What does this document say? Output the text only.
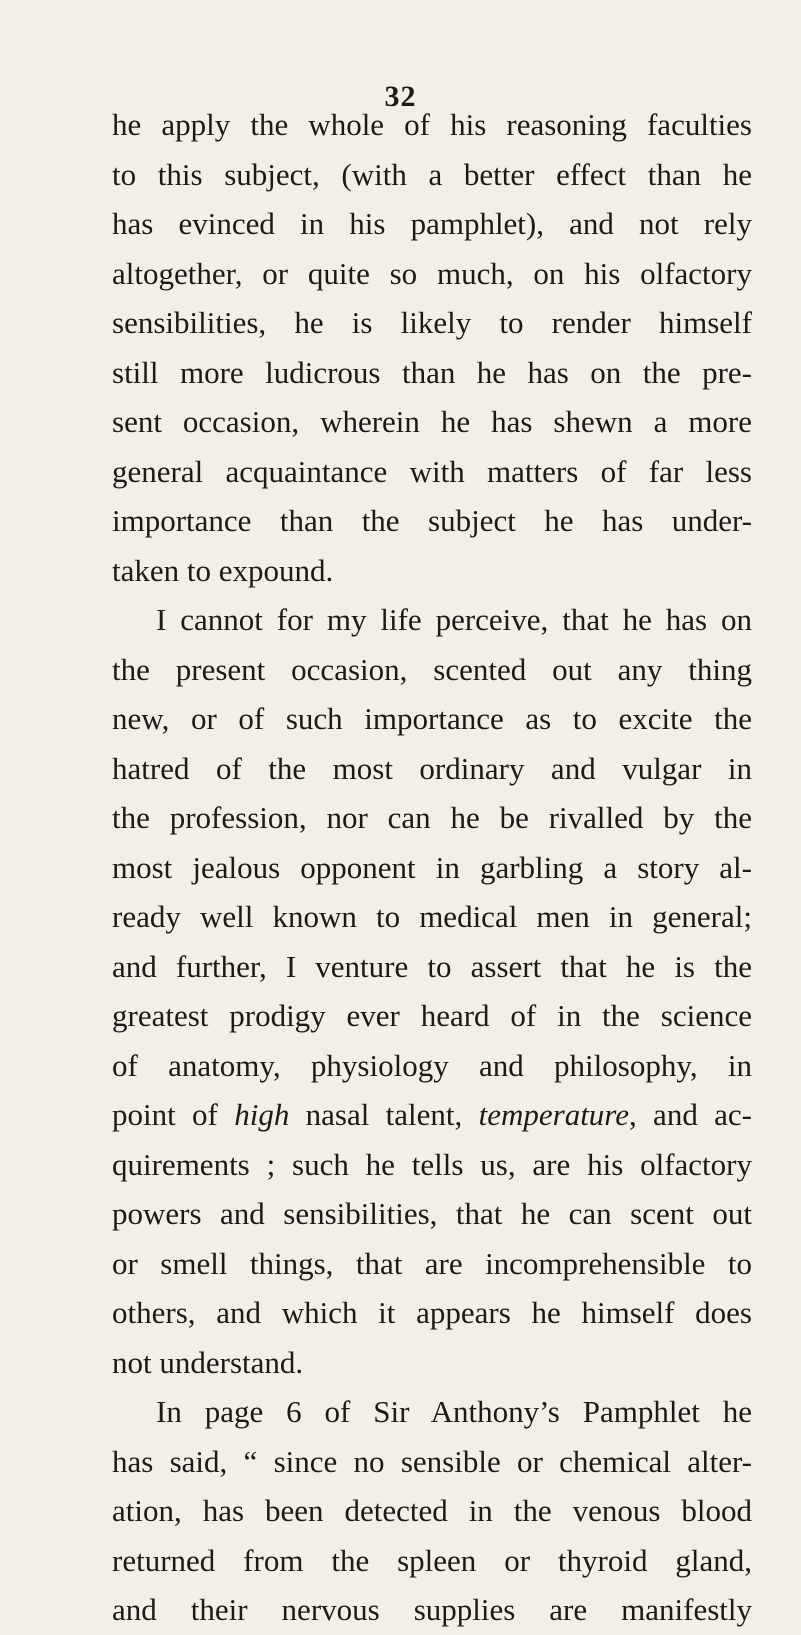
32
he apply the whole of his reasoning faculties
to this subject, (with a better effect than he
has evinced in his pamphlet), and not rely
altogether, or quite so much, on his olfactory
sensibilities, he is likely to render himself
still more ludicrous than he has on the pre-
sent occasion, wherein he has shewn a more
general acquaintance with matters of far less
importance than the subject he has under-
taken to expound.
I cannot for my life perceive, that he has on
the present occasion, scented out any thing
new, or of such importance as to excite the
hatred of the most ordinary and vulgar in
the profession, nor can he be rivalled by the
most jealous opponent in garbling a story al-
ready well known to medical men in general;
and further, I venture to assert that he is the
greatest prodigy ever heard of in the science
of anatomy, physiology and philosophy, in
point of high nasal talent, temperature, and ac-
quirements ; such he tells us, are his olfactory
powers and sensibilities, that he can scent out
or smell things, that are incomprehensible to
others, and which it appears he himself does
not understand.
In page 6 of Sir Anthony’s Pamphlet he
has said, “ since no sensible or chemical alter-
ation, has been detected in the venous blood
returned from the spleen or thyroid gland,
and their nervous supplies are manifestly
